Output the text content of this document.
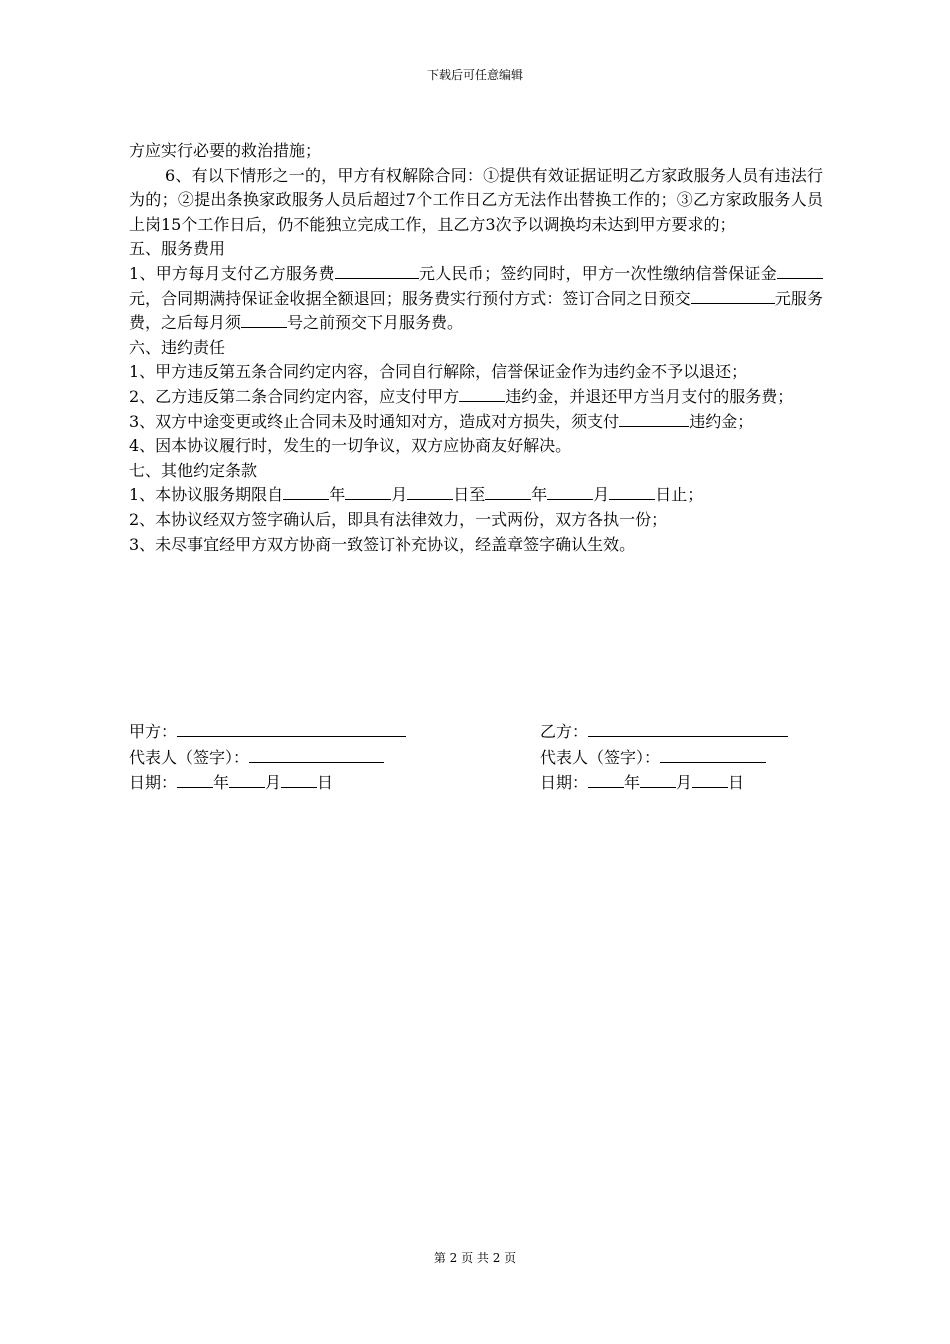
下载后可任意编辑

方应实行必要的救治措施；

6、有以下情形之一的，甲方有权解除合同：①提供有效证据证明乙方家政服务人员有违法行为的；②提出条换家政服务人员后超过7个工作日乙方无法作出替换工作的；③乙方家政服务人员上岗15个工作日后，仍不能独立完成工作，且乙方3次予以调换均未达到甲方要求的；

五、服务费用

1、甲方每月支付乙方服务费	元人民币；签约同时，甲方一次性缴纳信誉保证金元，合同期满持保证金收据全额退回；服务费实行预付方式：签订合同之日预交	元服务费，之后每月须	号之前预交下月服务费。

六、违约责任

1、甲方违反第五条合同约定内容，合同自行解除，信誉保证金作为违约金不予以退还；

2、乙方违反第二条合同约定内容，应支付甲方	违约金，并退还甲方当月支付的服务费；

3、双方中途变更或终止合同未及时通知对方，造成对方损失，须支付	违约金；

4、因本协议履行时，发生的一切争议，双方应协商友好解决。

七、其他约定条款

1、本协议服务期限自	年	月	日至	年	月	日止；

2、本协议经双方签字确认后，即具有法律效力，一式两份，双方各执一份；

3、未尽事宜经甲方双方协商一致签订补充协议，经盖章签字确认生效。

甲方：

代表人（签字）：

日期： 年 月 日

乙方：

代表人（签字）：

日期： 年 月 日

第 2 页 共 2 页
